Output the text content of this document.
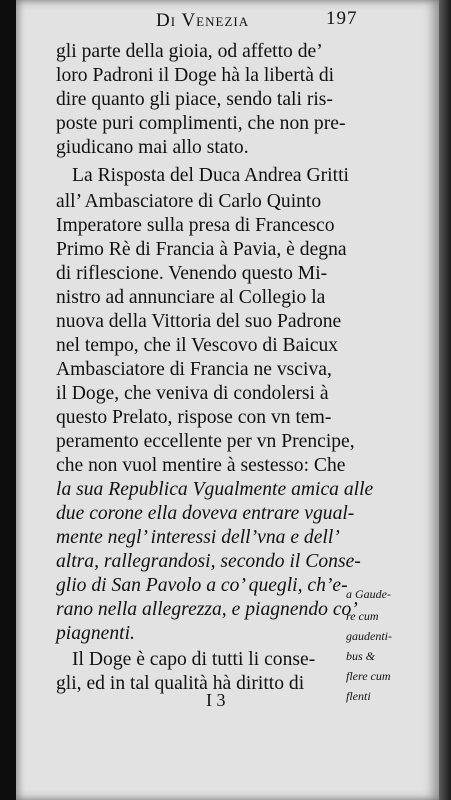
Di Venezia	197
gli parte della gioia, od affetto de’
loro Padroni il Doge hà la libertà di
dire quanto gli piace, sendo tali ris-
poste puri complimenti, che non pre-
giudicano mai allo stato.
La Risposta del Duca Andrea Gritti
all’ Ambasciatore di Carlo Quinto
Imperatore sulla presa di Francesco
Primo Rè di Francia à Pavia, è degna
di riflescione. Venendo questo Mi-
nistro ad annunciare al Collegio la
nuova della Vittoria del suo Padrone
nel tempo, che il Vescovo di Baicux
Ambasciatore di Francia ne vsciva,
il Doge, che veniva di condolersi à
questo Prelato, rispose con vn tem-
peramento eccellente per vn Prencipe,
che non vuol mentire à sestesso: Che
la sua Republica Vgualmente amica alle
due corone ella doveva entrare vgual-
mente negl’ interessi dell’vna e dell’
altra, rallegrandosi, secondo il Conse-
glio di San Pavolo a co’ quegli, ch’e-
rano nella allegrezza, e piagnendo co’
piagnenti.
Il Doge è capo di tutti li conse-
gli, ed in tal qualità hà diritto di
a Gaude-
re cum
gaudenti-
bus &
flere cum
flenti
I 3
